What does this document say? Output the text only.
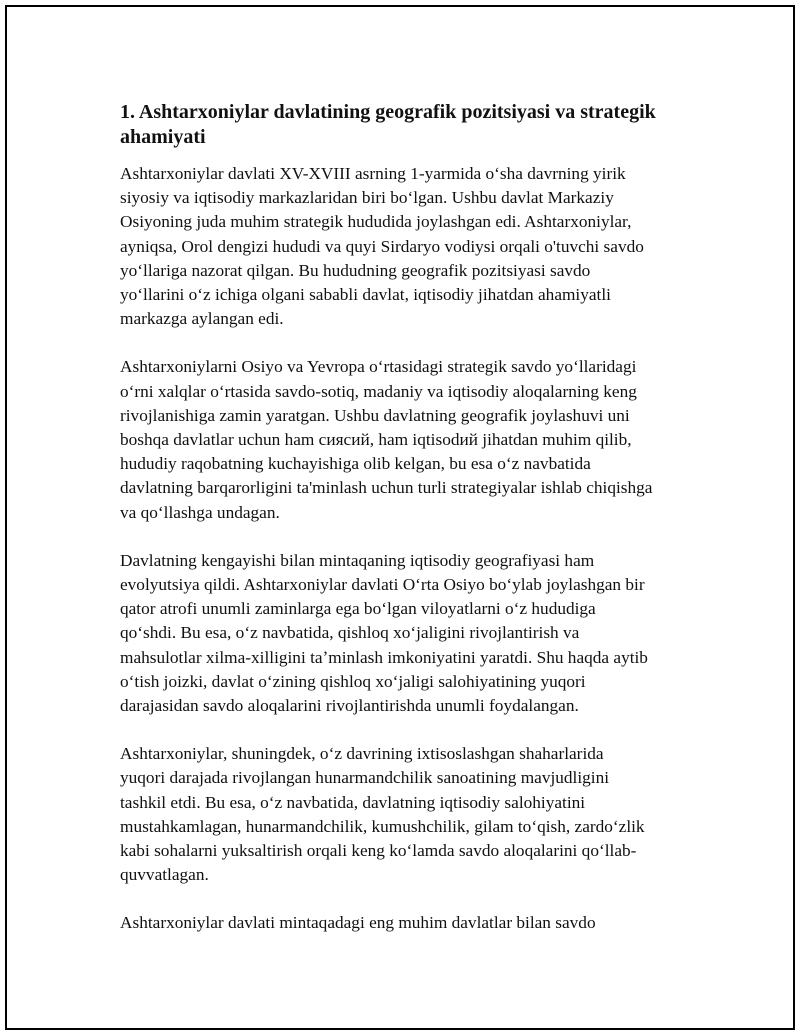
1. Ashtarxoniylar davlatining geografik pozitsiyasi va strategik ahamiyati

Ashtarxoniylar davlati XV-XVIII asrning 1-yarmida oʻsha davrning yirik
siyosiy va iqtisodiy markazlaridan biri boʻlgan. Ushbu davlat Markaziy
Osiyoning juda muhim strategik hududida joylashgan edi. Ashtarxoniylar,
ayniqsa, Orol dengizi hududi va quyi Sirdaryo vodiysi orqali o'tuvchi savdo
yoʻllariga nazorat qilgan. Bu hududning geografik pozitsiyasi savdo
yoʻllarini oʻz ichiga olgani sababli davlat, iqtisodiy jihatdan ahamiyatli
markazga aylangan edi.

Ashtarxoniylarni Osiyo va Yevropa oʻrtasidagi strategik savdo yoʻllaridagi
oʻrni xalqlar oʻrtasida savdo-sotiq, madaniy va iqtisodiy aloqalarning keng
rivojlanishiga zamin yaratgan. Ushbu davlatning geografik joylashuvi uni
boshqa davlatlar uchun ham сиясий, ham iqtisodий jihatdan muhim qilib,
hududiy raqobatning kuchayishiga olib kelgan, bu esa oʻz navbatida
davlatning barqarorligini ta'minlash uchun turli strategiyalar ishlab chiqishga
va qoʻllashga undagan.

Davlatning kengayishi bilan mintaqaning iqtisodiy geografiyasi ham
evolyutsiya qildi. Ashtarxoniylar davlati Oʻrta Osiyo boʻylab joylashgan bir
qator atrofi unumli zaminlarga ega boʻlgan viloyatlarni oʻz hududiga
qoʻshdi. Bu esa, oʻz navbatida, qishloq xoʻjaligini rivojlantirish va
mahsulotlar xilma-xilligini taʼminlash imkoniyatini yaratdi. Shu haqda aytib
oʻtish joizki, davlat oʻzining qishloq xoʻjaligi salohiyatining yuqori
darajasidan savdo aloqalarini rivojlantirishda unumli foydalangan.

Ashtarxoniylar, shuningdek, oʻz davrining ixtisoslashgan shaharlarida
yuqori darajada rivojlangan hunarmandchilik sanoatining mavjudligini
tashkil etdi. Bu esa, oʻz navbatida, davlatning iqtisodiy salohiyatini
mustahkamlagan, hunarmandchilik, kumushchilik, gilam toʻqish, zardoʻzlik
kabi sohalarni yuksaltirish orqali keng koʻlamda savdo aloqalarini qoʻllab-
quvvatlagan.

Ashtarxoniylar davlati mintaqadagi eng muhim davlatlar bilan savdo
